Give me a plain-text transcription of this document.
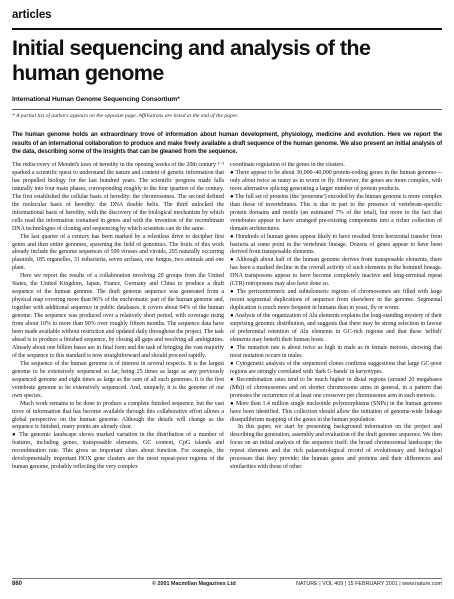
articles
Initial sequencing and analysis of the human genome
International Human Genome Sequencing Consortium*
* A partial list of authors appears on the opposite page. Affiliations are listed at the end of the paper.

The human genome holds an extraordinary trove of information about human development, physiology, medicine and evolution. Here we report the results of an international collaboration to produce and make freely available a draft sequence of the human genome. We also present an initial analysis of the data, describing some of the insights that can be gleaned from the sequence.

The rediscovery of Mendel's laws of heredity in the opening weeks of the 20th century ¹⁻³ sparked a scientific quest to understand the nature and content of genetic information that has propelled biology for the last hundred years. The scientific progress made falls naturally into four main phases, corresponding roughly to the four quarters of the century. The first established the cellular basis of heredity: the chromosomes. The second defined the molecular basis of heredity: the DNA double helix. The third unlocked the informational basis of heredity, with the discovery of the biological mechanism by which cells read the information contained in genes and with the invention of the recombinant DNA technologies of cloning and sequencing by which scientists can do the same.

The last quarter of a century has been marked by a relentless drive to decipher first genes and then entire genomes, spawning the field of genomics. The fruits of this work already include the genome sequences of 599 viruses and viroids, 205 naturally occurring plasmids, 185 organelles, 31 eubacteria, seven archaea, one fungus, two animals and one plant.

Here we report the results of a collaboration involving 20 groups from the United States, the United Kingdom, Japan, France, Germany and China to produce a draft sequence of the human genome. The draft genome sequence was generated from a physical map covering more than 96% of the euchromatic part of the human genome and, together with additional sequence in public databases, it covers about 94% of the human genome. The sequence was produced over a relatively short period, with coverage rising from about 10% to more than 90% over roughly fifteen months. The sequence data have been made available without restriction and updated daily throughout the project. The task ahead is to produce a finished sequence, by closing all gaps and resolving all ambiguities. Already about one billion bases are in final form and the task of bringing the vast majority of the sequence to this standard is now straightforward and should proceed rapidly.

The sequence of the human genome is of interest in several respects. It is the largest genome to be extensively sequenced so far, being 25 times as large as any previously sequenced genome and eight times as large as the sum of all such genomes. It is the first vertebrate genome to be extensively sequenced. And, uniquely, it is the genome of our own species.

Much work remains to be done to produce a complete finished sequence, but the vast trove of information that has become available through this collaborative effort allows a global perspective on the human genome. Although the details will change as the sequence is finished, many points are already clear.

● The genomic landscape shows marked variation in the distribution of a number of features, including genes, transposable elements, GC content, CpG islands and recombination rate. This gives us important clues about function. For example, the developmentally important HOX gene clusters are the most repeat-poor regions of the human genome, probably reflecting the very complex

coordinate regulation of the genes in the clusters.

● There appear to be about 30,000–40,000 protein-coding genes in the human genome—only about twice as many as in worm or fly. However, the genes are more complex, with more alternative splicing generating a larger number of protein products.

● The full set of proteins (the 'proteome') encoded by the human genome is more complex than those of invertebrates. This is due in part to the presence of vertebrate-specific protein domains and motifs (an estimated 7% of the total), but more to the fact that vertebrates appear to have arranged pre-existing components into a richer collection of domain architectures.

● Hundreds of human genes appear likely to have resulted from horizontal transfer from bacteria at some point in the vertebrate lineage. Dozens of genes appear to have been derived from transposable elements.

● Although about half of the human genome derives from transposable elements, there has been a marked decline in the overall activity of such elements in the hominid lineage. DNA transposons appear to have become completely inactive and long-terminal repeat (LTR) retroposons may also have done so.

● The pericentromeric and subtelomeric regions of chromosomes are filled with large recent segmental duplications of sequence from elsewhere in the genome. Segmental duplication is much more frequent in humans than in yeast, fly or worm.

● Analysis of the organization of Alu elements explains the long-standing mystery of their surprising genomic distribution, and suggests that there may be strong selection in favour of preferential retention of Alu elements in GC-rich regions and that these 'selfish' elements may benefit their human hosts.

● The mutation rate is about twice as high in male as in female meiosis, showing that most mutation occurs in males.

● Cytogenetic analysis of the sequenced clones confirms suggestions that large GC-poor regions are strongly correlated with 'dark G-bands' in karyotypes.

● Recombination rates tend to be much higher in distal regions (around 20 megabases (Mb)) of chromosomes and on shorter chromosome arms in general, in a pattern that promotes the occurrence of at least one crossover per chromosome arm in each meiosis.

● More than 1.4 million single nucleotide polymorphisms (SNPs) in the human genome have been identified. This collection should allow the initiation of genome-wide linkage disequilibrium mapping of the genes in the human population.

In this paper, we start by presenting background information on the project and describing the generation, assembly and evaluation of the draft genome sequence. We then focus on an initial analysis of the sequence itself: the broad chromosomal landscape; the repeat elements and the rich palaeontological record of evolutionary and biological processes that they provide; the human genes and proteins and their differences and similarities with those of other

860	© 2001 Macmillan Magazines Ltd	NATURE | VOL 409 | 15 FEBRUARY 2001 | www.nature.com
